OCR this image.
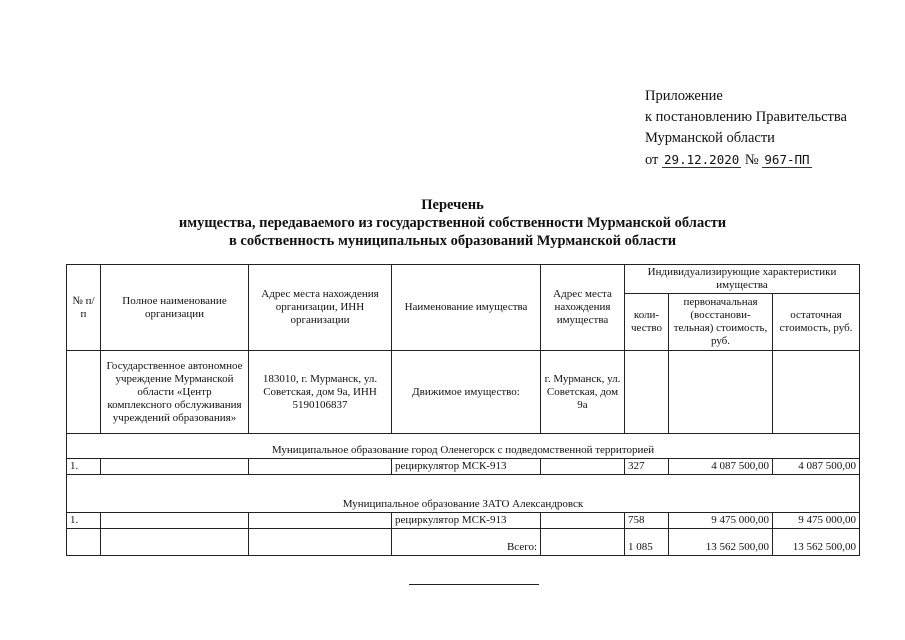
Приложение
к постановлению Правительства
Мурманской области
от 29.12.2020 № 967-ПП
Перечень
имущества, передаваемого из государственной собственности Мурманской области
в собственность муниципальных образований Мурманской области
№ п/п	Полное наименование организации	Адрес места нахождения организации, ИНН организации	Наименование имущества	Адрес места нахождения имущества	Индивидуализирующие характеристики имущества		
					коли- чество	первоначальная (восстанови- тельная) стоимость, руб.	остаточная стоимость, руб.
	Государственное автономное учреждение Мурманской области «Центр комплексного обслуживания учреждений образования»	183010, г. Мурманск, ул. Советская, дом 9а, ИНН 5190106837	Движимое имущество:	г. Мурманск, ул. Советская, дом 9а			

Муниципальное образование город Оленегорск с подведомственной территорией							
1.			рециркулятор МСК-913		327	4 087 500,00	4 087 500,00

Муниципальное образование ЗАТО Александровск							
1.			рециркулятор МСК-913		758	9 475 000,00	9 475 000,00
			Всего:		1 085	13 562 500,00	13 562 500,00
